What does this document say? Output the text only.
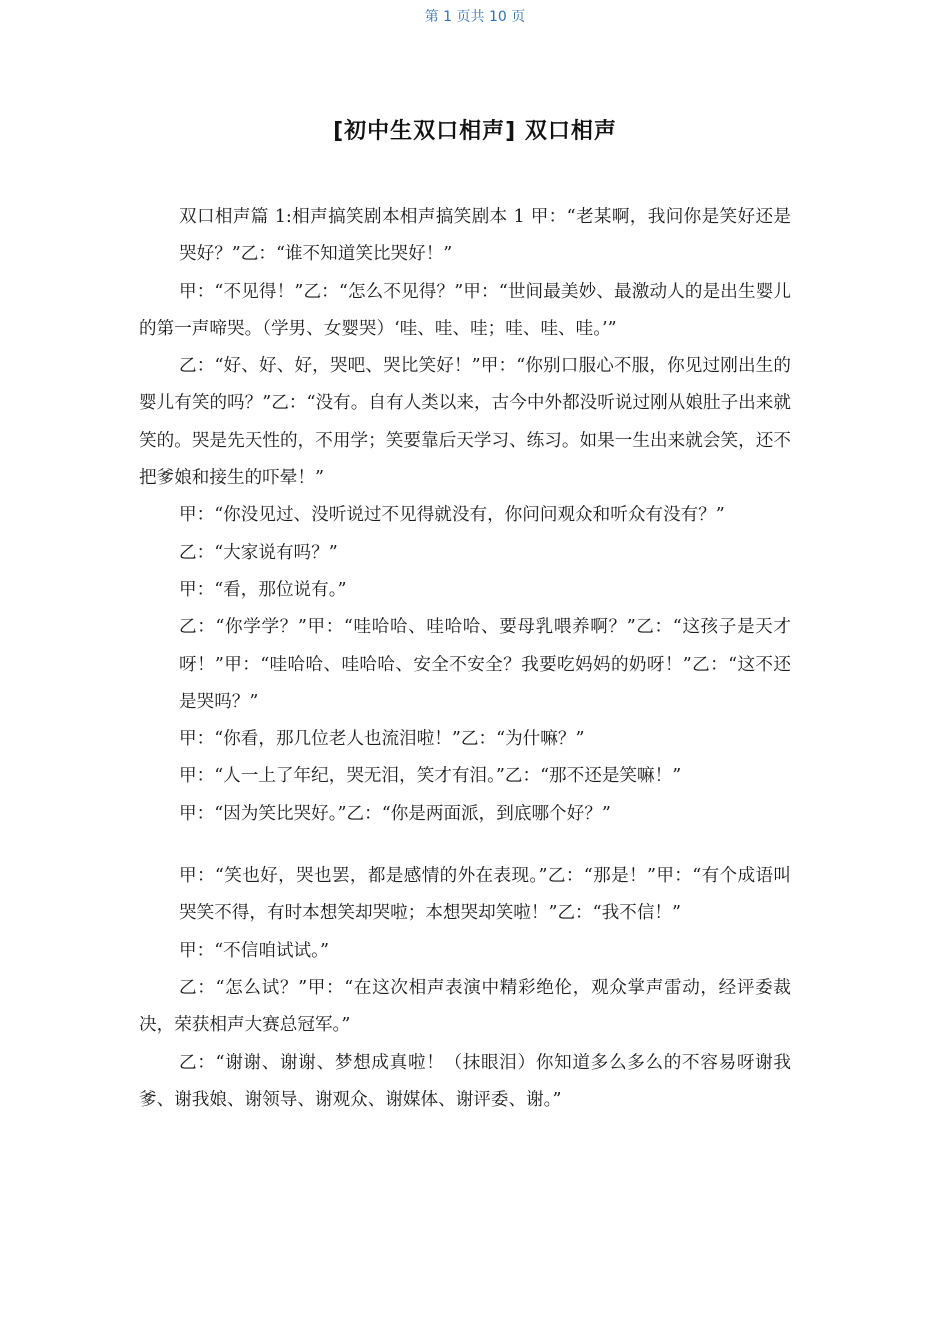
第 1 页共 10 页
[初中生双口相声] 双口相声

双口相声篇 1:相声搞笑剧本相声搞笑剧本 1 甲：“老某啊，我问你是笑好还是哭好？”乙：“谁不知道笑比哭好！”

甲：“不见得！”乙：“怎么不见得？”甲：“世间最美妙、最激动人的是出生婴儿的第一声啼哭。（学男、女婴哭）‘哇、哇、哇；哇、哇、哇。’”

乙：“好、好、好，哭吧、哭比笑好！”甲：“你别口服心不服，你见过刚出生的婴儿有笑的吗？”乙：“没有。自有人类以来，古今中外都没听说过刚从娘肚子出来就笑的。哭是先天性的，不用学；笑要靠后天学习、练习。如果一生出来就会笑，还不把爹娘和接生的吓晕！”

甲：“你没见过、没听说过不见得就没有，你问问观众和听众有没有？”

乙：“大家说有吗？”

甲：“看，那位说有。”

乙：“你学学？”甲：“哇哈哈、哇哈哈、要母乳喂养啊？”乙：“这孩子是天才呀！”甲：“哇哈哈、哇哈哈、安全不安全？我要吃妈妈的奶呀！”乙：“这不还是哭吗？”

甲：“你看，那几位老人也流泪啦！”乙：“为什嘛？”

甲：“人一上了年纪，哭无泪，笑才有泪。”乙：“那不还是笑嘛！”

甲：“因为笑比哭好。”乙：“你是两面派，到底哪个好？”

甲：“笑也好，哭也罢，都是感情的外在表现。”乙：“那是！”甲：“有个成语叫哭笑不得，有时本想笑却哭啦；本想哭却笑啦！”乙：“我不信！”

甲：“不信咱试试。”

乙：“怎么试？”甲：“在这次相声表演中精彩绝伦，观众掌声雷动，经评委裁决，荣获相声大赛总冠军。”

乙：“谢谢、谢谢、梦想成真啦！（抹眼泪）你知道多么多么的不容易呀谢我爹、谢我娘、谢领导、谢观众、谢媒体、谢评委、谢。”
